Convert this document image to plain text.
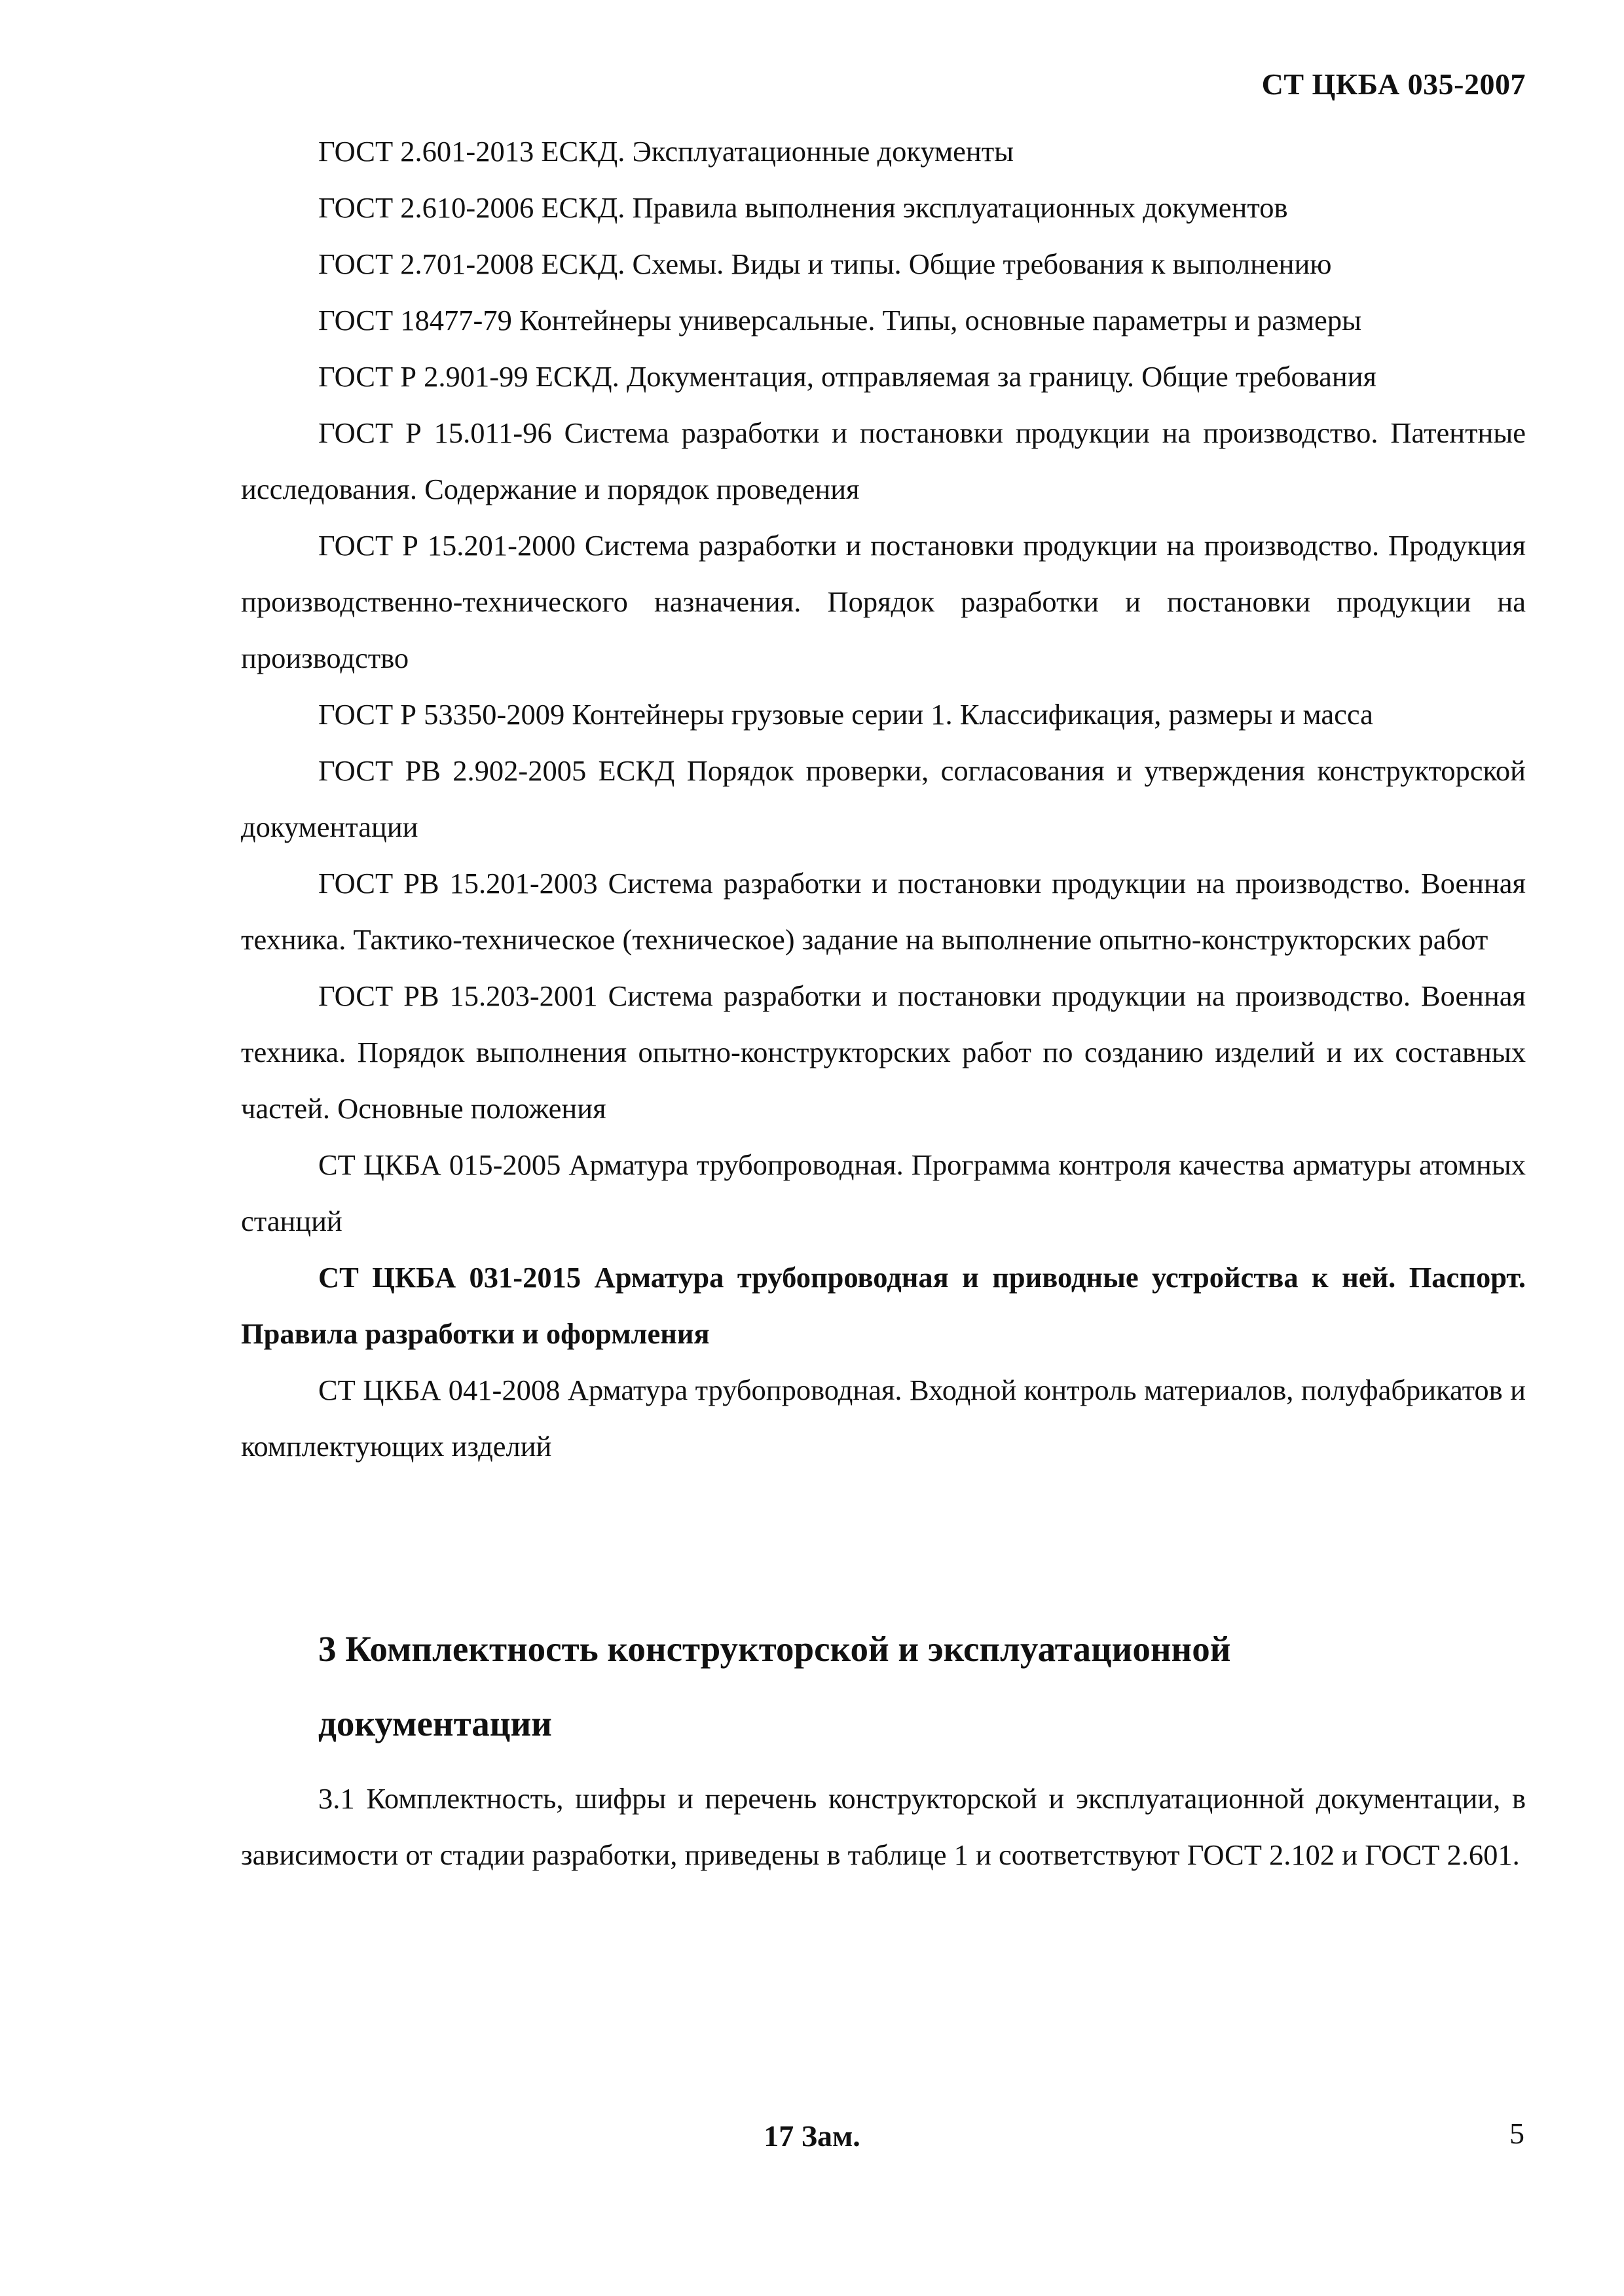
СТ ЦКБА 035-2007

ГОСТ 2.601-2013 ЕСКД. Эксплуатационные документы

ГОСТ 2.610-2006 ЕСКД. Правила выполнения эксплуатационных документов

ГОСТ 2.701-2008 ЕСКД. Схемы. Виды и типы. Общие требования к выполнению

ГОСТ 18477-79 Контейнеры универсальные. Типы, основные параметры и размеры

ГОСТ Р 2.901-99 ЕСКД. Документация, отправляемая за границу. Общие требования

ГОСТ Р 15.011-96 Система разработки и постановки продукции на производство. Патентные исследования. Содержание и порядок проведения

ГОСТ Р 15.201-2000 Система разработки и постановки продукции на производство. Продукция производственно-технического назначения. Порядок разработки и постановки продукции на производство

ГОСТ Р 53350-2009 Контейнеры грузовые серии 1. Классификация, размеры и масса

ГОСТ РВ 2.902-2005 ЕСКД Порядок проверки, согласования и утверждения конструкторской документации

ГОСТ РВ 15.201-2003 Система разработки и постановки продукции на производство. Военная техника. Тактико-техническое (техническое) задание на выполнение опытно-конструкторских работ

ГОСТ РВ 15.203-2001 Система разработки и постановки продукции на производство. Военная техника. Порядок выполнения опытно-конструкторских работ по созданию изделий и их составных частей. Основные положения

СТ ЦКБА 015-2005 Арматура трубопроводная. Программа контроля качества арматуры атомных станций

СТ ЦКБА 031-2015 Арматура трубопроводная и приводные устройства к ней. Паспорт. Правила разработки и оформления

СТ ЦКБА 041-2008 Арматура трубопроводная. Входной контроль материалов, полуфабрикатов и комплектующих изделий

3 Комплектность конструкторской и эксплуатационной документации

3.1 Комплектность, шифры и перечень конструкторской и эксплуатационной документации, в зависимости от стадии разработки, приведены в таблице 1 и соответствуют ГОСТ 2.102 и ГОСТ 2.601.

17 Зам.	5
